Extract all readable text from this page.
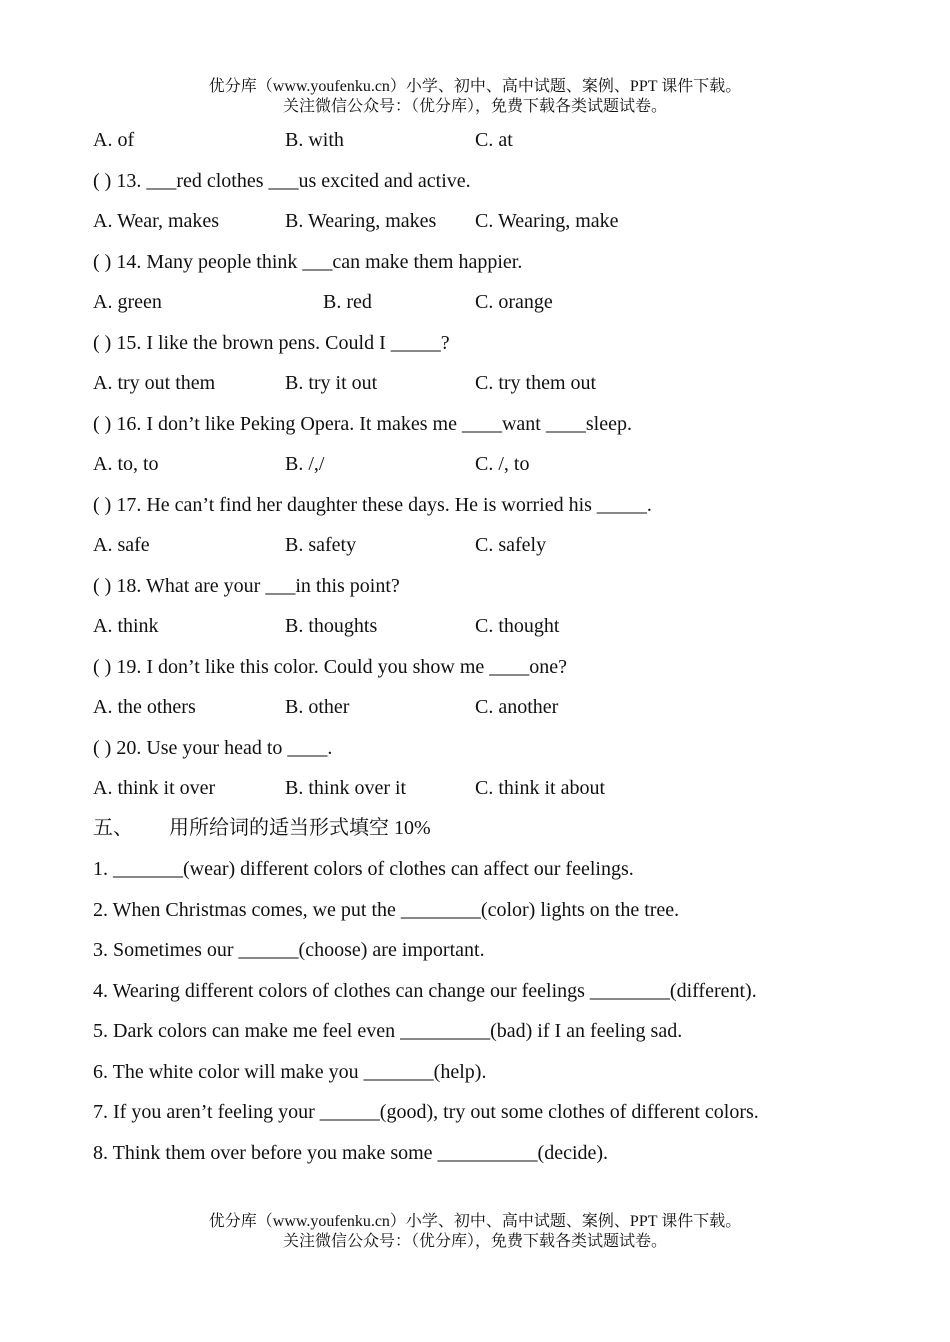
优分库（www.youfenku.cn）小学、初中、高中试题、案例、PPT 课件下载。
关注微信公众号：（优分库），免费下载各类试题试卷。
A. of	B. with	C. at
( ) 13. ___red clothes ___us excited and active.
A. Wear, makes	B. Wearing, makes C. Wearing, make
( ) 14. Many people think ___can make them happier.
A. green	B. red	C. orange
( ) 15. I like the brown pens. Could I _____?
A. try out them	B. try it out	C. try them out
( ) 16. I don’t like Peking Opera. It makes me ____want ____sleep.
A. to, to	B. /,/	C. /, to
( ) 17. He can’t find her daughter these days. He is worried his _____.
A. safe	B. safety	C. safely
( ) 18. What are your ___in this point?
A. think	B. thoughts	C. thought
( ) 19. I don’t like this color. Could you show me ____one?
A. the others	B. other	C. another
( ) 20. Use your head to ____.
A. think it over	B. think over it	C. think it about
五、 用所给词的适当形式填空 10%
1. _______(wear) different colors of clothes can affect our feelings.
2. When Christmas comes, we put the ________(color) lights on the tree.
3. Sometimes our ______(choose) are important.
4. Wearing different colors of clothes can change our feelings ________(different).
5. Dark colors can make me feel even _________(bad) if I an feeling sad.
6. The white color will make you _______(help).
7. If you aren’t feeling your ______(good), try out some clothes of different colors.
8. Think them over before you make some __________(decide).
优分库（www.youfenku.cn）小学、初中、高中试题、案例、PPT 课件下载。
关注微信公众号：（优分库），免费下载各类试题试卷。
